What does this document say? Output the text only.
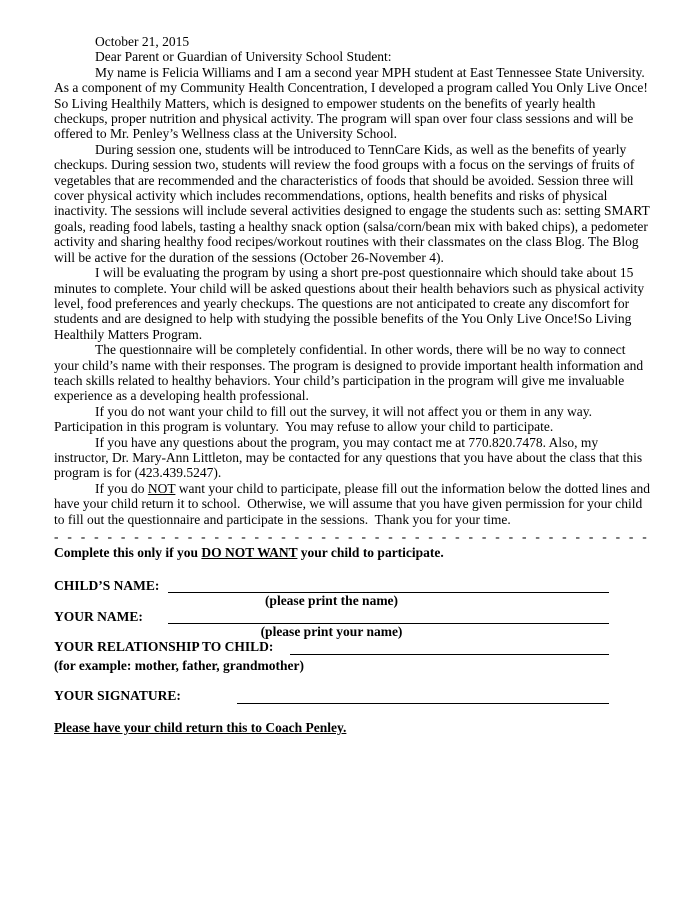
October 21, 2015

Dear Parent or Guardian of University School Student:

My name is Felicia Williams and I am a second year MPH student at East Tennessee State University. As a component of my Community Health Concentration, I developed a program called You Only Live Once! So Living Healthily Matters, which is designed to empower students on the benefits of yearly health checkups, proper nutrition and physical activity. The program will span over four class sessions and will be offered to Mr. Penley’s Wellness class at the University School.

During session one, students will be introduced to TennCare Kids, as well as the benefits of yearly checkups. During session two, students will review the food groups with a focus on the servings of fruits of vegetables that are recommended and the characteristics of foods that should be avoided. Session three will cover physical activity which includes recommendations, options, health benefits and risks of physical inactivity. The sessions will include several activities designed to engage the students such as: setting SMART goals, reading food labels, tasting a healthy snack option (salsa/corn/bean mix with baked chips), a pedometer activity and sharing healthy food recipes/workout routines with their classmates on the class Blog. The Blog will be active for the duration of the sessions (October 26-November 4).

I will be evaluating the program by using a short pre-post questionnaire which should take about 15 minutes to complete. Your child will be asked questions about their health behaviors such as physical activity level, food preferences and yearly checkups. The questions are not anticipated to create any discomfort for students and are designed to help with studying the possible benefits of the You Only Live Once!So Living Healthily Matters Program.

The questionnaire will be completely confidential. In other words, there will be no way to connect your child’s name with their responses. The program is designed to provide important health information and teach skills related to healthy behaviors. Your child’s participation in the program will give me invaluable experience as a developing health professional.

If you do not want your child to fill out the survey, it will not affect you or them in any way. Participation in this program is voluntary.  You may refuse to allow your child to participate.

If you have any questions about the program, you may contact me at 770.820.7478. Also, my instructor, Dr. Mary-Ann Littleton, may be contacted for any questions that you have about the class that this program is for (423.439.5247).

If you do NOT want your child to participate, please fill out the information below the dotted lines and have your child return it to school.  Otherwise, we will assume that you have given permission for your child to fill out the questionnaire and participate in the sessions.  Thank you for your time.

- - - - - - - - - - - - - - - - - - - - - - - - - - - - - - - - - - - - - - - - - - - - -
Complete this only if you DO NOT WANT your child to participate.
CHILD’S NAME:
(please print the name)
YOUR NAME:
(please print your name)
YOUR RELATIONSHIP TO CHILD:
(for example: mother, father, grandmother)
YOUR SIGNATURE:
Please have your child return this to Coach Penley.
